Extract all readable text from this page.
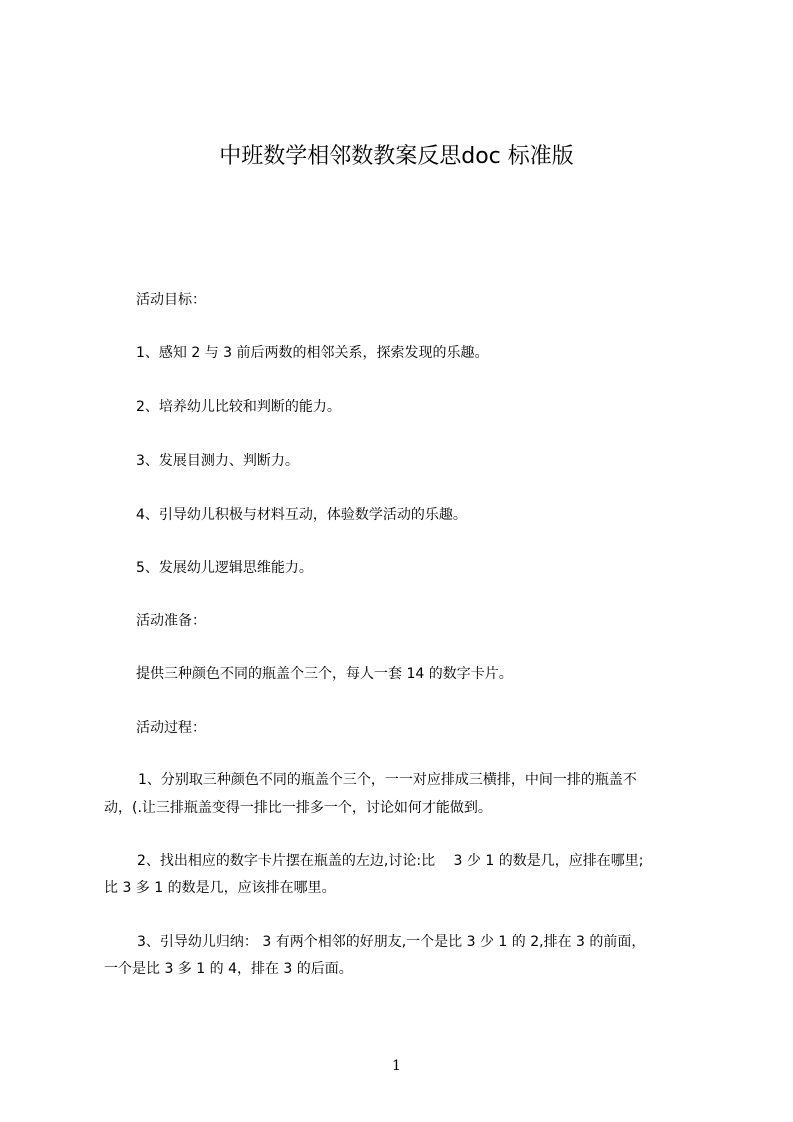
中班数学相邻数教案反思doc 标准版
活动目标：
1、感知 2 与 3 前后两数的相邻关系，探索发现的乐趣。
2、培养幼儿比较和判断的能力。
3、发展目测力、判断力。
4、引导幼儿积极与材料互动，体验数学活动的乐趣。
5、发展幼儿逻辑思维能力。
活动准备：
提供三种颜色不同的瓶盖个三个，每人一套 14 的数字卡片。
活动过程：
1、分别取三种颜色不同的瓶盖个三个，一一对应排成三横排，中间一排的瓶盖不
动，(.让三排瓶盖变得一排比一排多一个，讨论如何才能做到。
2、找出相应的数字卡片摆在瓶盖的左边,讨论:比　 3 少 1 的数是几，应排在哪里;
比 3 多 1 的数是几，应该排在哪里。
3、引导幼儿归纳： 3 有两个相邻的好朋友,一个是比 3 少 1 的 2,排在 3 的前面，
一个是比 3 多 1 的 4，排在 3 的后面。
1
